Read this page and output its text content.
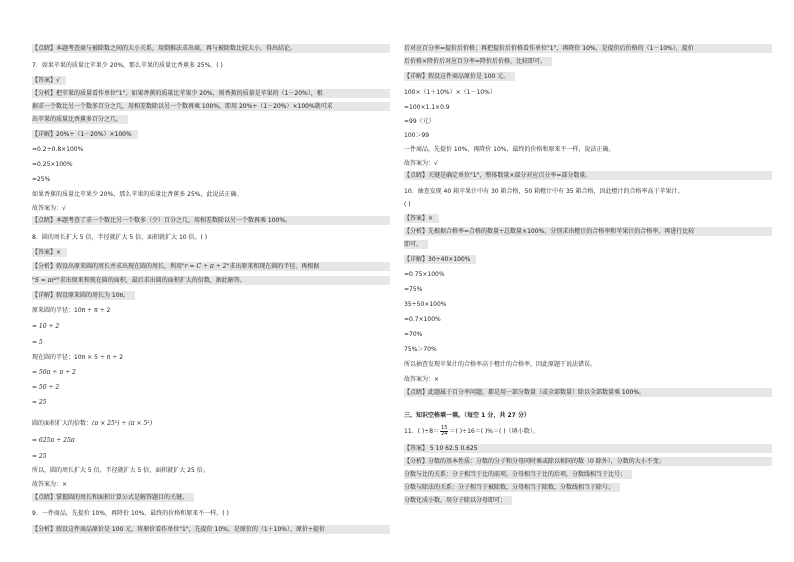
【点睛】本题考查商与被除数之间的大小关系，用倒推法求出商，再与被除数比较大小，得出结论。
7．如果苹果的质量比苹果少 20%，那么苹果的质量比香蕉多 25%。( )
【答案】√
【分析】把苹果的质量看作单位"1"，如果香蕉的质量比苹果少 20%，则香蕉的质量是苹果的（1－20%），根
据求一个数比另一个数多百分之几，用相差数除以另一个数再乘 100%，即用 20%÷（1－20%）×100%就可求
出苹果的质量比香蕉多百分之几。
【详解】20%÷（1－20%）×100%
=0.2÷0.8×100%
=0.25×100%
=25%
如果香蕉的质量比苹果少 20%，那么苹果的质量比香蕉多 25%，此说法正确。
故答案为：√
【点睛】本题考查了求一个数比另一个数多（少）百分之几，用相差数除以另一个数再乘 100%。
8．圆的周长扩大 5 倍，半径就扩大 5 倍，面积就扩大 10 倍。( )
【答案】×
【分析】假设出原来圆的周长并求出现在圆的周长，利用"r = C ÷ π ÷ 2"求出原来和现在圆的半径，再根据
"S = πr²"求出原来和现在圆的面积，最后求出圆的面积扩大的倍数，据此解答。
【详解】假设原来圆的周长为 10π。
原来圆的半径：10π ÷ π ÷ 2
= 10 ÷ 2
= 5
现在圆的半径：10π × 5 ÷ π ÷ 2
= 50π ÷ π ÷ 2
= 50 ÷ 2
= 25
圆的面积扩大的倍数：(π × 25²) ÷ (π × 5²)
= 625π ÷ 25π
= 25
所以，圆的周长扩大 5 倍，半径就扩大 5 倍，面积就扩大 25 倍。
故答案为：×
【点睛】掌握圆的周长和面积计算公式是解答题目的关键。
9．一件商品，先提价 10%，再降价 10%，最终的价格和原来不一样。( )
【分析】假设这件商品原价是 100 元，将原价看作单位"1"，先提价 10%，是原价的（1＋10%），原价÷提价
后对应百分率=提价后价格；再把提价后价格看作单位"1"，再降价 10%，是提价后价格的（1－10%），提价
后价格×降价后对应百分率=降价后价格，比较即可。
【详解】假设这件商品原价是 100 元。
100×（1＋10%）×（1－10%）
=100×1.1×0.9
=99（元）
100＞99
一件商品，先提价 10%，再降价 10%，最终的价格和原来不一样，说法正确。
故答案为：√
【点睛】关键是确定单位"1"，整体数量×部分对应百分率=部分数量。
10．抽查发现 40 箱苹果汁中有 30 箱合格，50 箱橙汁中有 35 箱合格，因此橙汁的合格率高于苹果汁。
( )
【答案】×
【分析】先根据合格率=合格的数量÷总数量×100%，分别求出橙汁的合格率和苹果汁的合格率，再进行比较
即可。
【详解】30÷40×100%
=0.75×100%
=75%
35÷50×100%
=0.7×100%
=70%
75%＞70%
所以抽查发现苹果汁的合格率高于橙汁的合格率，因此原题干说法错误。
故答案为：×
【点睛】此题属于百分率问题，都是用一部分数量（或全部数量）除以全部数量乘 100%。
三、知识空格填一填。（每空 1 分，共 27 分）
11．( )$\div 8= \frac{15}{24}$ ＝( )÷16＝( )%＝( )（填小数）。
【答案】 5 10 62.5 0.625
【分析】分数的基本性质：分数的分子和分母同时乘或除以相同的数（0 除外），分数的大小不变；
分数与比的关系：分子相当于比的前项，分母相当于比的后项，分数线相当于比号；
分数与除法的关系：分子相当于被除数，分母相当于除数，分数线相当于除号；
分数化成小数，用分子除以分母即可；
